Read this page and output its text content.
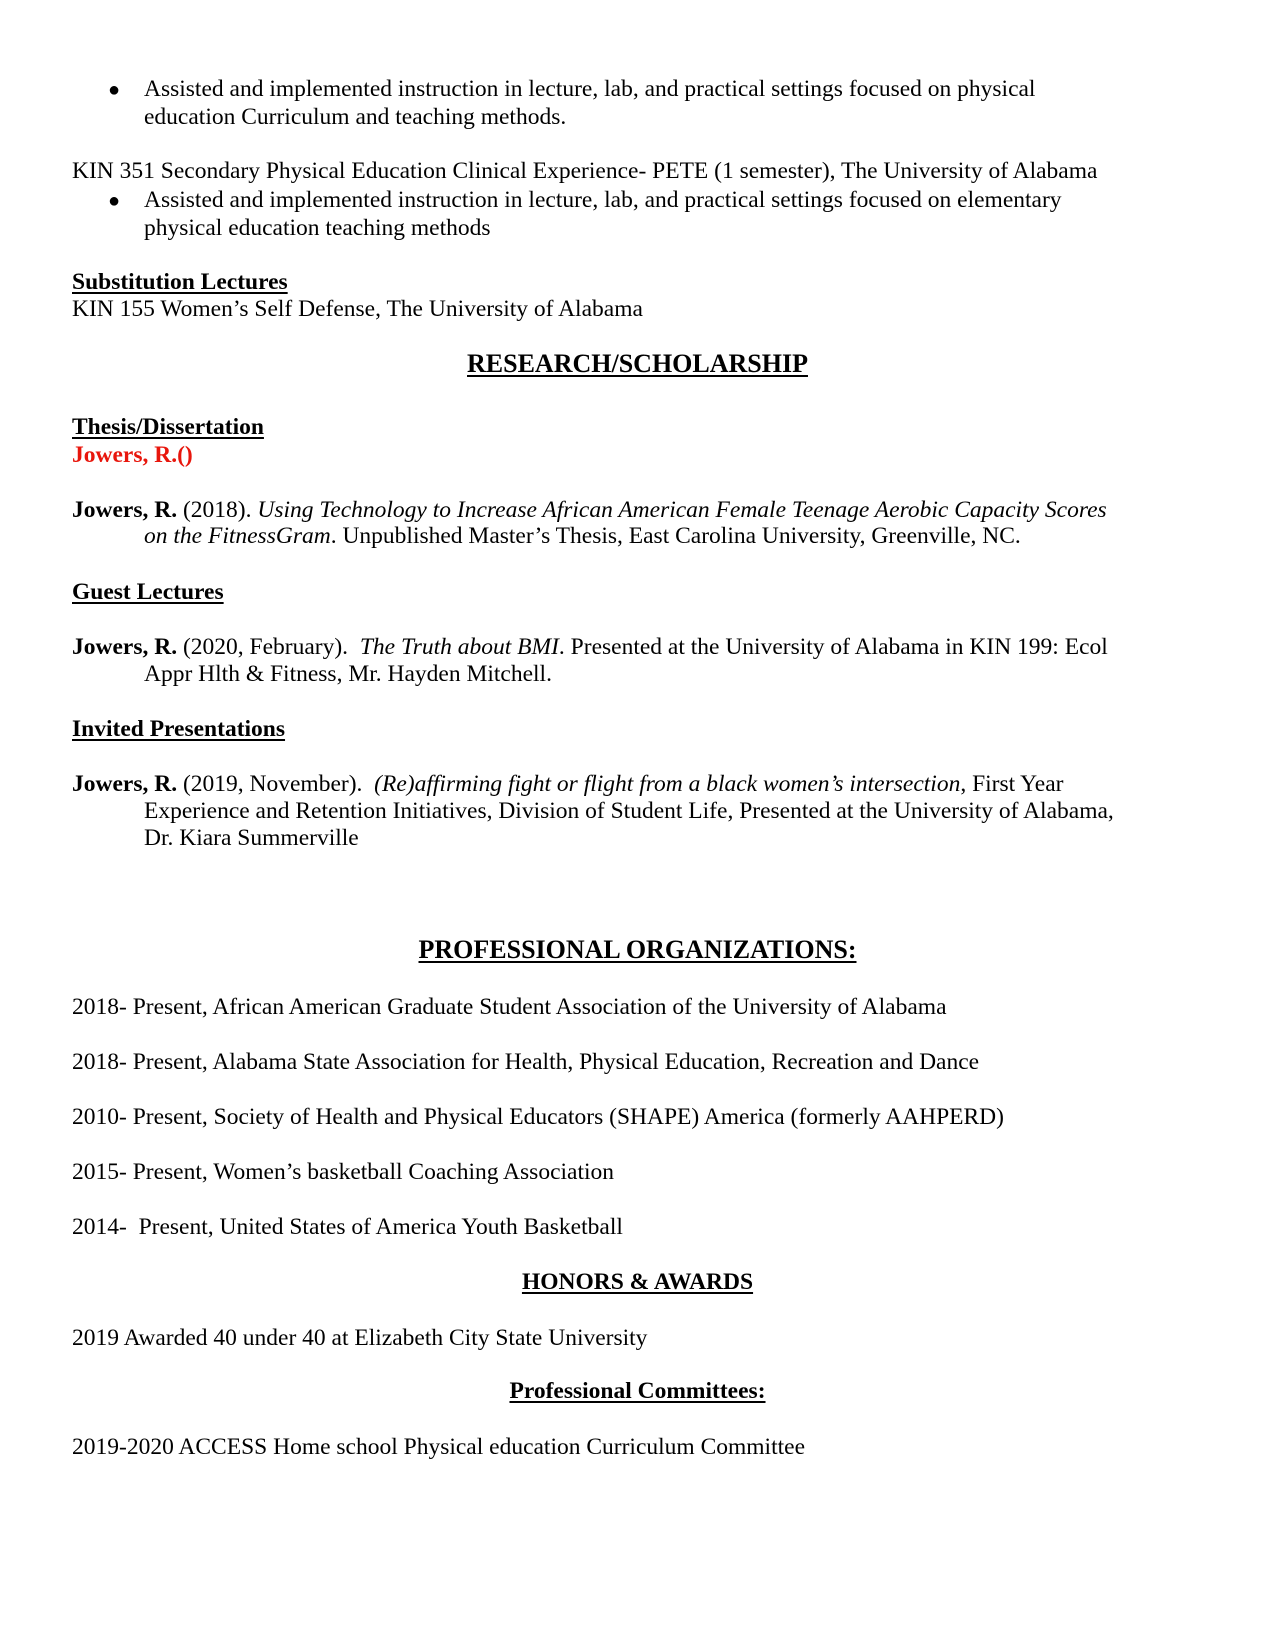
● Assisted and implemented instruction in lecture, lab, and practical settings focused on physical
education Curriculum and teaching methods.
KIN 351 Secondary Physical Education Clinical Experience- PETE (1 semester), The University of Alabama
● Assisted and implemented instruction in lecture, lab, and practical settings focused on elementary
physical education teaching methods
Substitution Lectures
KIN 155 Women’s Self Defense, The University of Alabama
RESEARCH/SCHOLARSHIP
Thesis/Dissertation
Jowers, R.()
Jowers, R. (2018). Using Technology to Increase African American Female Teenage Aerobic Capacity Scores
on the FitnessGram. Unpublished Master’s Thesis, East Carolina University, Greenville, NC.
Guest Lectures
Jowers, R. (2020, February).  The Truth about BMI. Presented at the University of Alabama in KIN 199: Ecol
Appr Hlth & Fitness, Mr. Hayden Mitchell.
Invited Presentations
Jowers, R. (2019, November).  (Re)affirming fight or flight from a black women’s intersection, First Year
Experience and Retention Initiatives, Division of Student Life, Presented at the University of Alabama,
Dr. Kiara Summerville
PROFESSIONAL ORGANIZATIONS:
2018- Present, African American Graduate Student Association of the University of Alabama
2018- Present, Alabama State Association for Health, Physical Education, Recreation and Dance
2010- Present, Society of Health and Physical Educators (SHAPE) America (formerly AAHPERD)
2015- Present, Women’s basketball Coaching Association
2014-  Present, United States of America Youth Basketball
HONORS & AWARDS
2019 Awarded 40 under 40 at Elizabeth City State University
Professional Committees:
2019-2020 ACCESS Home school Physical education Curriculum Committee
